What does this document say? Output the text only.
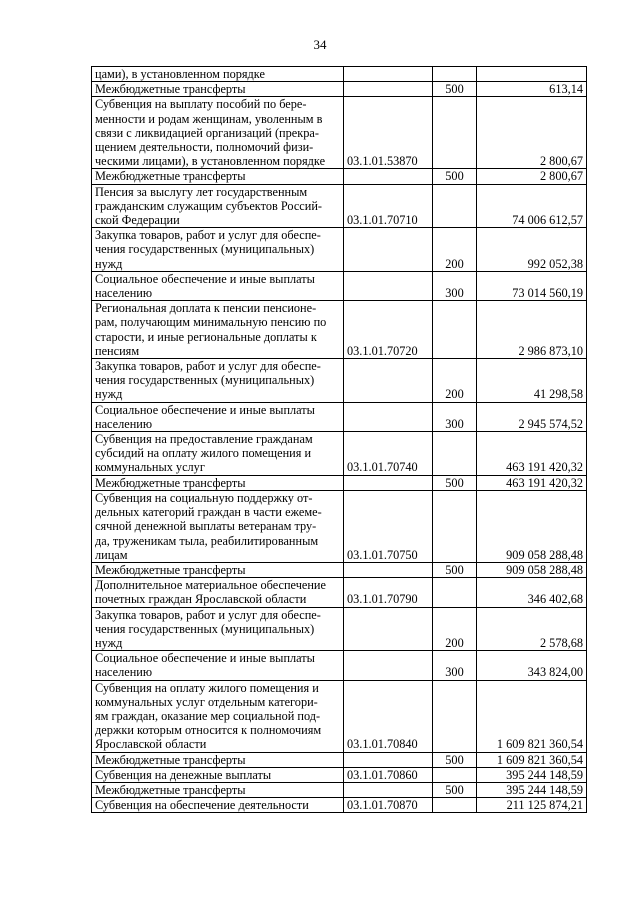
34
цами), в установленном порядке			
Межбюджетные трансферты		500	613,14
Субвенция на выплату пособий по бере-
менности и родам женщинам, уволенным в
связи с ликвидацией организаций (прекра-
щением деятельности, полномочий физи-
ческими лицами), в установленном порядке	03.1.01.53870		2 800,67
Межбюджетные трансферты		500	2 800,67
Пенсия за выслугу лет государственным
гражданским служащим субъектов Россий-
ской Федерации	03.1.01.70710		74 006 612,57
Закупка товаров, работ и услуг для обеспе-
чения государственных (муниципальных)
нужд		200	992 052,38
Социальное обеспечение и иные выплаты
населению		300	73 014 560,19
Региональная доплата к пенсии пенсионе-
рам, получающим минимальную пенсию по
старости, и иные региональные доплаты к
пенсиям	03.1.01.70720		2 986 873,10
Закупка товаров, работ и услуг для обеспе-
чения государственных (муниципальных)
нужд		200	41 298,58
Социальное обеспечение и иные выплаты
населению		300	2 945 574,52
Субвенция на предоставление гражданам
субсидий на оплату жилого помещения и
коммунальных услуг	03.1.01.70740		463 191 420,32
Межбюджетные трансферты		500	463 191 420,32
Субвенция на социальную поддержку от-
дельных категорий граждан в части ежеме-
сячной денежной выплаты ветеранам тру-
да, труженикам тыла, реабилитированным
лицам	03.1.01.70750		909 058 288,48
Межбюджетные трансферты		500	909 058 288,48
Дополнительное материальное обеспечение
почетных граждан Ярославской области	03.1.01.70790		346 402,68
Закупка товаров, работ и услуг для обеспе-
чения государственных (муниципальных)
нужд		200	2 578,68
Социальное обеспечение и иные выплаты
населению		300	343 824,00
Субвенция на оплату жилого помещения и
коммунальных услуг отдельным категори-
ям граждан, оказание мер социальной под-
держки которым относится к полномочиям
Ярославской области	03.1.01.70840		1 609 821 360,54
Межбюджетные трансферты		500	1 609 821 360,54
Субвенция на денежные выплаты	03.1.01.70860		395 244 148,59
Межбюджетные трансферты		500	395 244 148,59
Субвенция на обеспечение деятельности	03.1.01.70870		211 125 874,21
